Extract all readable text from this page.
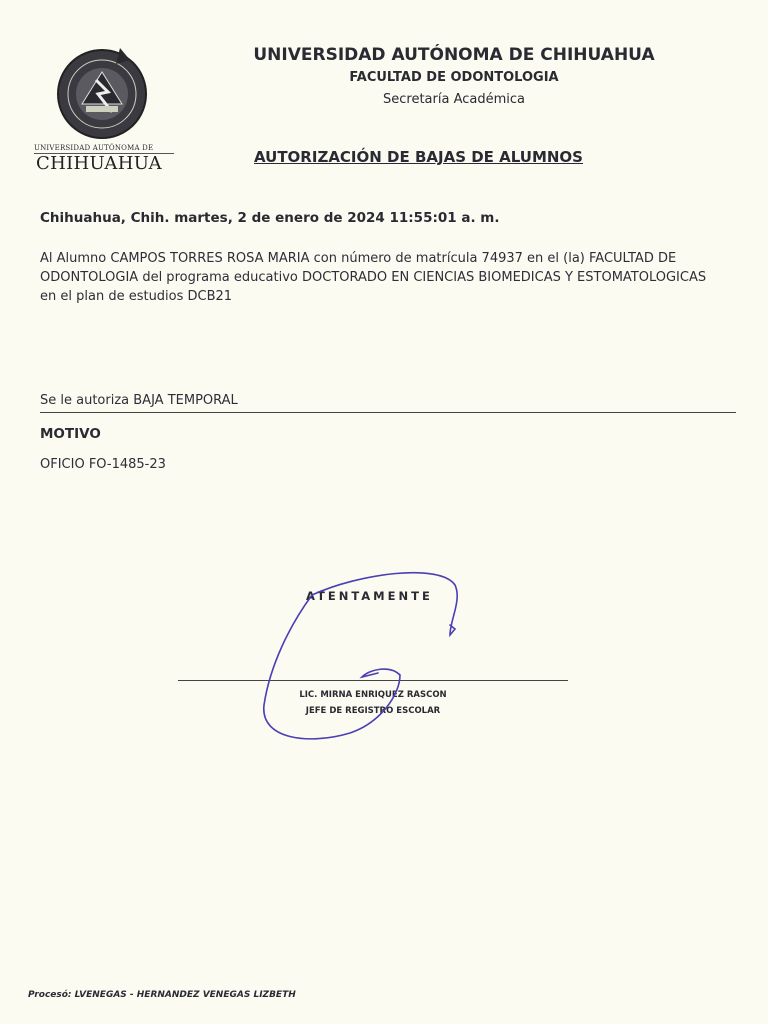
UNIVERSIDAD AUTÓNOMA DE
CHIHUAHUA
UNIVERSIDAD AUTÓNOMA DE CHIHUAHUA
FACULTAD DE ODONTOLOGIA
Secretaría Académica
AUTORIZACIÓN DE BAJAS DE ALUMNOS
Chihuahua, Chih. martes, 2 de enero de 2024 11:55:01 a. m.
Al Alumno CAMPOS TORRES ROSA MARIA con número de matrícula 74937 en el (la) FACULTAD DE ODONTOLOGIA del programa educativo DOCTORADO EN CIENCIAS BIOMEDICAS Y ESTOMATOLOGICAS en el plan de estudios DCB21
Se le autoriza BAJA TEMPORAL
MOTIVO
OFICIO FO-1485-23
ATENTAMENTE
LIC. MIRNA ENRIQUEZ RASCON
JEFE DE REGISTRO ESCOLAR
Procesó: LVENEGAS - HERNANDEZ VENEGAS LIZBETH
